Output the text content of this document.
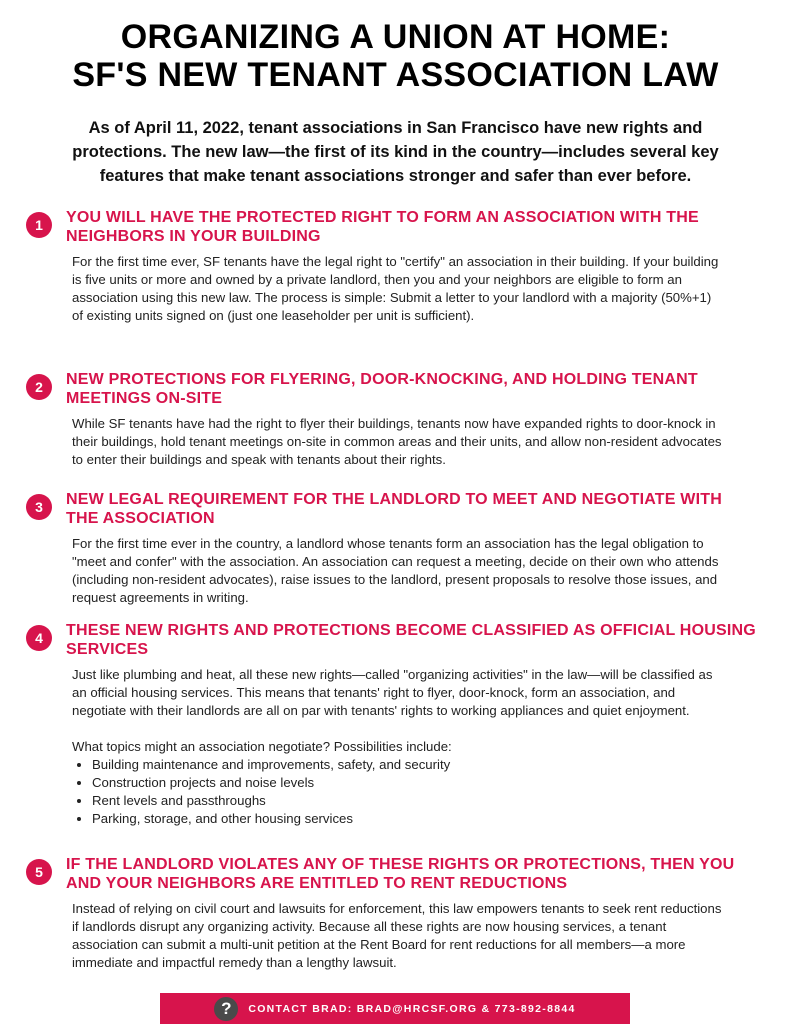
ORGANIZING A UNION AT HOME:
SF'S NEW TENANT ASSOCIATION LAW
As of April 11, 2022, tenant associations in San Francisco have new rights and protections. The new law—the first of its kind in the country—includes several key features that make tenant associations stronger and safer than ever before.
1	YOU WILL HAVE THE PROTECTED RIGHT TO FORM AN ASSOCIATION WITH THE NEIGHBORS IN YOUR BUILDING

For the first time ever, SF tenants have the legal right to "certify" an association in their building. If your building is five units or more and owned by a private landlord, then you and your neighbors are eligible to form an association using this new law. The process is simple: Submit a letter to your landlord with a majority (50%+1) of existing units signed on (just one leaseholder per unit is sufficient).

2	NEW PROTECTIONS FOR FLYERING, DOOR-KNOCKING, AND HOLDING TENANT MEETINGS ON-SITE

While SF tenants have had the right to flyer their buildings, tenants now have expanded rights to door-knock in their buildings, hold tenant meetings on-site in common areas and their units, and allow non-resident advocates to enter their buildings and speak with tenants about their rights.

3	NEW LEGAL REQUIREMENT FOR THE LANDLORD TO MEET AND NEGOTIATE WITH THE ASSOCIATION

For the first time ever in the country, a landlord whose tenants form an association has the legal obligation to "meet and confer" with the association. An association can request a meeting, decide on their own who attends (including non-resident advocates), raise issues to the landlord, present proposals to resolve those issues, and request agreements in writing.

4	THESE NEW RIGHTS AND PROTECTIONS BECOME CLASSIFIED AS OFFICIAL HOUSING SERVICES

Just like plumbing and heat, all these new rights—called "organizing activities" in the law—will be classified as an official housing services. This means that tenants' right to flyer, door-knock, form an association, and negotiate with their landlords are all on par with tenants' rights to working appliances and quiet enjoyment.

What topics might an association negotiate? Possibilities include:

• Building maintenance and improvements, safety, and security
• Construction projects and noise levels
• Rent levels and passthroughs
• Parking, storage, and other housing services
5	IF THE LANDLORD VIOLATES ANY OF THESE RIGHTS OR PROTECTIONS, THEN YOU AND YOUR NEIGHBORS ARE ENTITLED TO RENT REDUCTIONS

Instead of relying on civil court and lawsuits for enforcement, this law empowers tenants to seek rent reductions if landlords disrupt any organizing activity. Because all these rights are now housing services, a tenant association can submit a multi-unit petition at the Rent Board for rent reductions for all members—a more immediate and impactful remedy than a lengthy lawsuit.

?	CONTACT BRAD: BRAD@HRCSF.ORG & 773-892-8844
